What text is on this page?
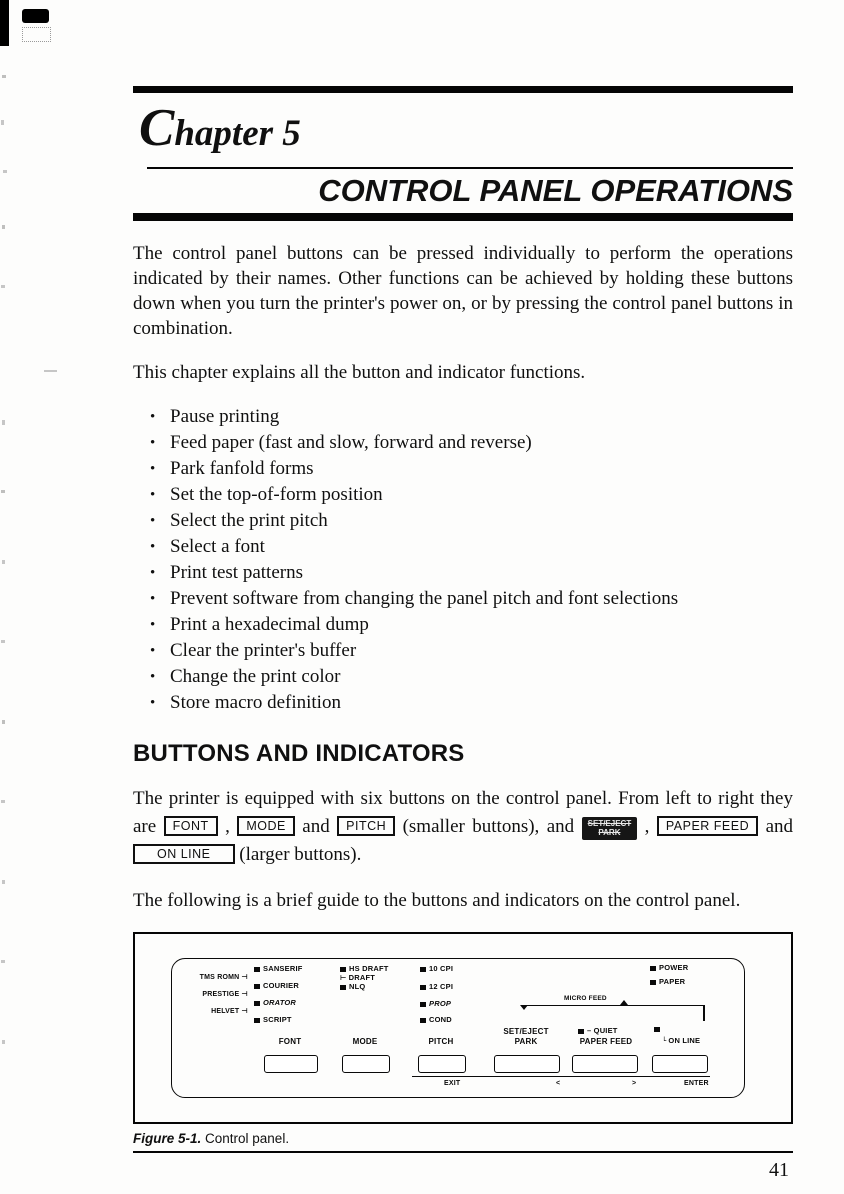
Chapter 5
CONTROL PANEL OPERATIONS

The control panel buttons can be pressed individually to perform the operations indicated by their names. Other functions can be achieved by holding these buttons down when you turn the printer's power on, or by pressing the control panel buttons in combination.

This chapter explains all the button and indicator functions.

• Pause printing
• Feed paper (fast and slow, forward and reverse)
• Park fanfold forms
• Set the top-of-form position
• Select the print pitch
• Select a font
• Print test patterns
• Prevent software from changing the panel pitch and font selections
• Print a hexadecimal dump
• Clear the printer's buffer
• Change the print color
• Store macro definition
BUTTONS AND INDICATORS

The printer is equipped with six buttons on the control panel. From left to right they are FONT , MODE and PITCH (smaller buttons), and SET/EJECT
PARK , PAPER FEED and ON LINE (larger buttons).

The following is a brief guide to the buttons and indicators on the control panel.

SANSERIF
TMS ROMN ⊣
COURIER
PRESTIGE ⊣
ORATOR
HELVET ⊣
SCRIPT
FONT
HS DRAFT
⊢ DRAFT
NLQ
MODE
10 CPI
12 CPI
PROP
COND
PITCH
MICRO FEED
SET/EJECT
PARK
– QUIET
PAPER FEED
POWER
PAPER
└ ON LINE
EXIT	<	>	ENTER
Figure 5-1. Control panel.
41
